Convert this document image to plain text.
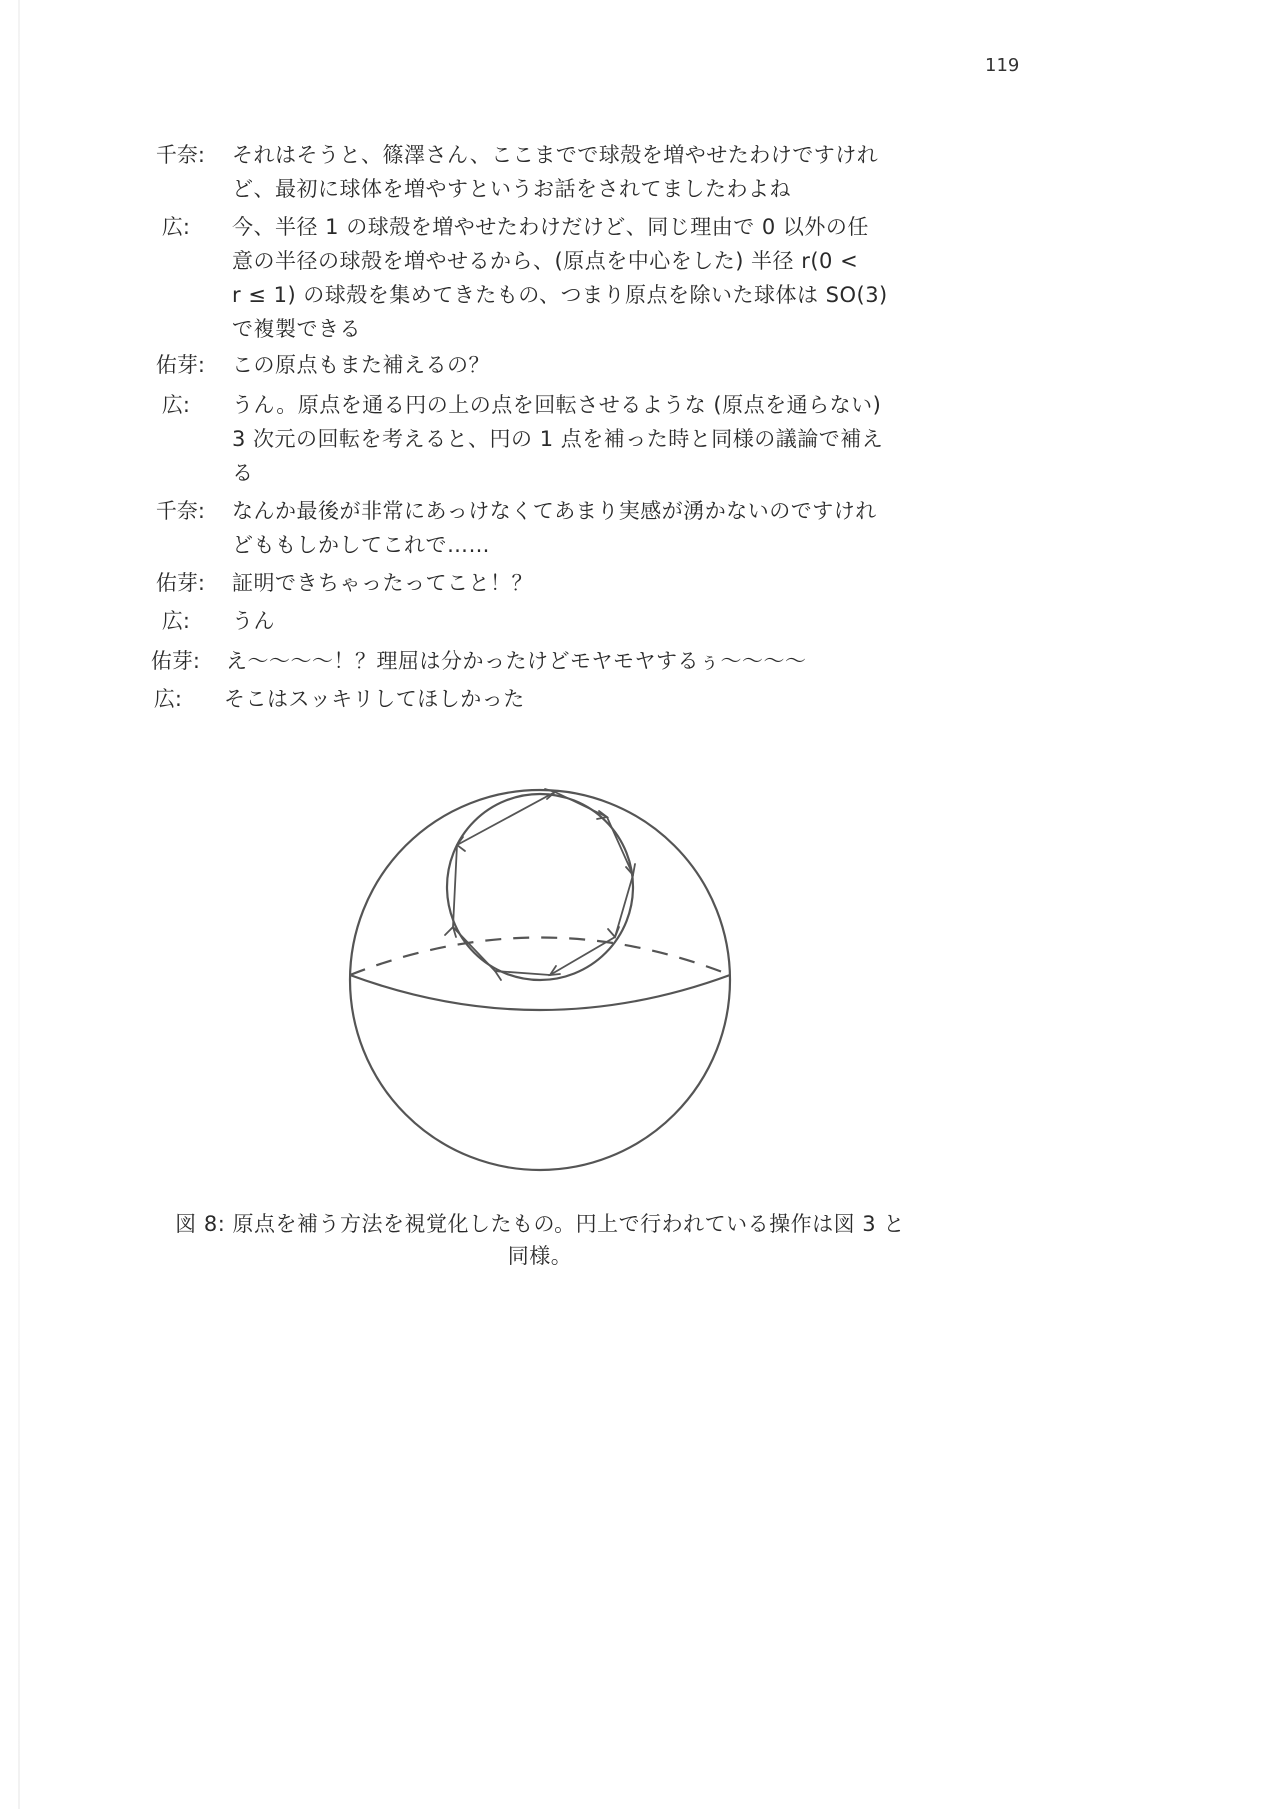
119
千奈: それはそうと、篠澤さん、ここまでで球殻を増やせたわけですけれ
ど、最初に球体を増やすというお話をされてましたわよね
広: 今、半径 1 の球殻を増やせたわけだけど、同じ理由で 0 以外の任
意の半径の球殻を増やせるから、(原点を中心をした) 半径 r(0 <
r ≤ 1) の球殻を集めてきたもの、つまり原点を除いた球体は SO(3)
で複製できる
佑芽: この原点もまた補えるの？
広: うん。原点を通る円の上の点を回転させるような (原点を通らない)
3 次元の回転を考えると、円の 1 点を補った時と同様の議論で補え
る
千奈: なんか最後が非常にあっけなくてあまり実感が湧かないのですけれ
どももしかしてこれで……
佑芽: 証明できちゃったってこと！？
広: うん
佑芽: え〜〜〜〜！？理屈は分かったけどモヤモヤするぅ〜〜〜〜
広: そこはスッキリしてほしかった
図 8: 原点を補う方法を視覚化したもの。円上で行われている操作は図 3 と
同様。
